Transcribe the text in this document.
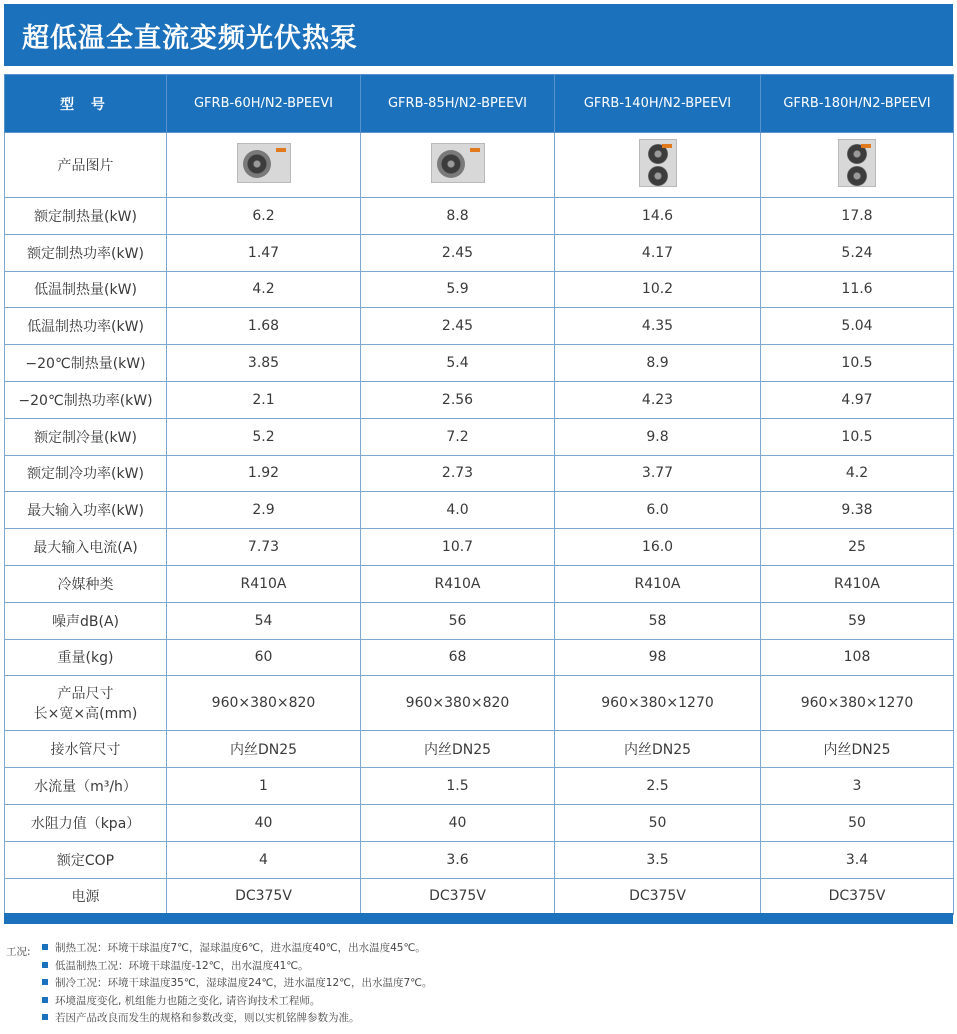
超低温全直流变频光伏热泵
型 号	GFRB-60H/N2-BPEEVI	GFRB-85H/N2-BPEEVI	GFRB-140H/N2-BPEEVI	GFRB-180H/N2-BPEEVI
产品图片	

额定制热量(kW)	6.2	8.8	14.6	17.8
额定制热功率(kW)	1.47	2.45	4.17	5.24
低温制热量(kW)	4.2	5.9	10.2	11.6
低温制热功率(kW)	1.68	2.45	4.35	5.04
−20℃制热量(kW)	3.85	5.4	8.9	10.5
−20℃制热功率(kW)	2.1	2.56	4.23	4.97
额定制冷量(kW)	5.2	7.2	9.8	10.5
额定制冷功率(kW)	1.92	2.73	3.77	4.2
最大输入功率(kW)	2.9	4.0	6.0	9.38
最大输入电流(A)	7.73	10.7	16.0	25
冷媒种类	R410A	R410A	R410A	R410A
噪声dB(A)	54	56	58	59
重量(kg)	60	68	98	108

产品尺寸
长×宽×高(mm)	960×380×820	960×380×820	960×380×1270	960×380×1270
接水管尺寸	内丝DN25	内丝DN25	内丝DN25	内丝DN25
水流量（m³/h）	1	1.5	2.5	3
水阻力值（kpa）	40	40	50	50
额定COP	4	3.6	3.5	3.4
电源	DC375V	DC375V	DC375V	DC375V
工况:	制热工况：环境干球温度7℃，湿球温度6℃，进水温度40℃，出水温度45℃。
低温制热工况：环境干球温度-12℃，出水温度41℃。
制冷工况：环境干球温度35℃，湿球温度24℃，进水温度12℃，出水温度7℃。
环境温度变化, 机组能力也随之变化, 请咨询技术工程师。
若因产品改良而发生的规格和参数改变，则以实机铭牌参数为准。
